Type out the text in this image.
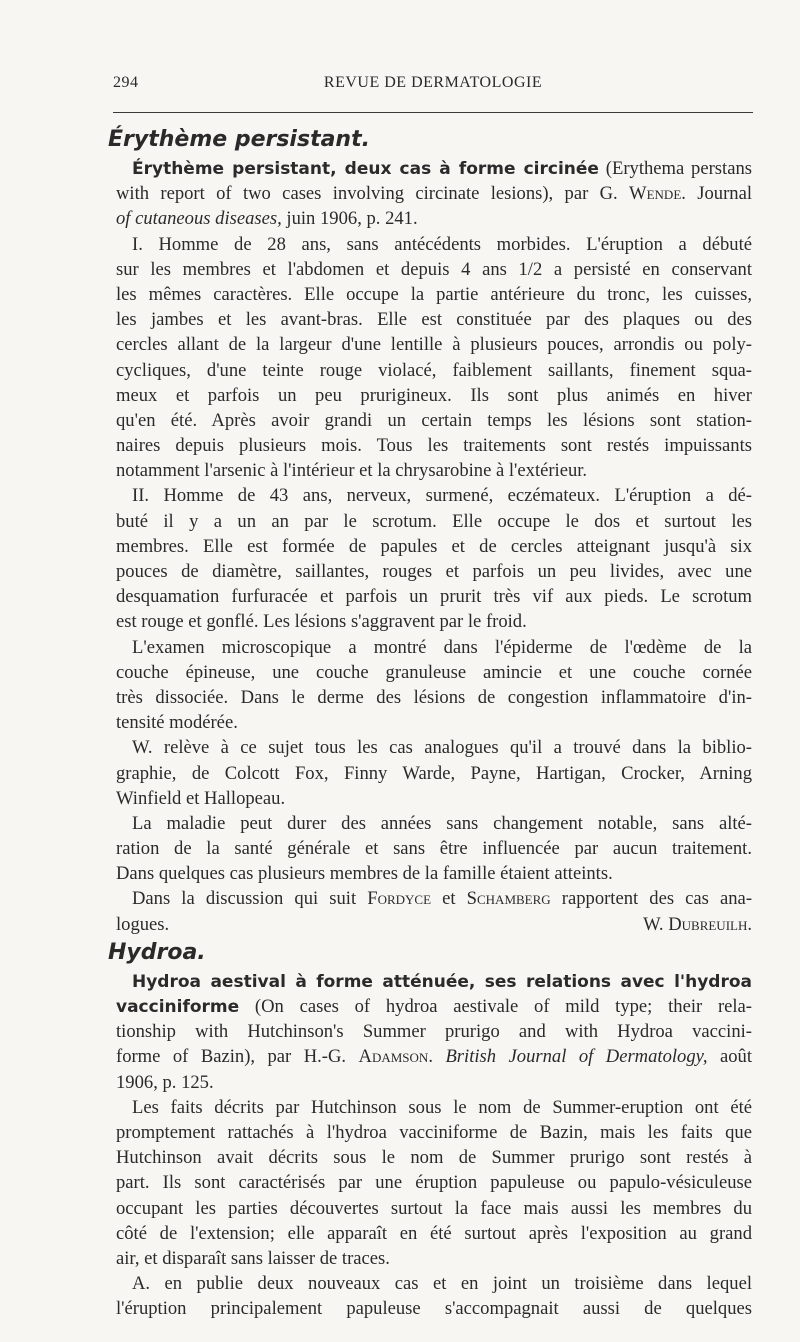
294	REVUE DE DERMATOLOGIE
Érythème persistant.
Érythème persistant, deux cas à forme circinée (Erythema perstans
with report of two cases involving circinate lesions), par G. Wende. Journal
of cutaneous diseases, juin 1906, p. 241.
I. Homme de 28 ans, sans antécédents morbides. L'éruption a débuté
sur les membres et l'abdomen et depuis 4 ans 1/2 a persisté en conservant
les mêmes caractères. Elle occupe la partie antérieure du tronc, les cuisses,
les jambes et les avant-bras. Elle est constituée par des plaques ou des
cercles allant de la largeur d'une lentille à plusieurs pouces, arrondis ou poly-
cycliques, d'une teinte rouge violacé, faiblement saillants, finement squa-
meux et parfois un peu prurigineux. Ils sont plus animés en hiver
qu'en été. Après avoir grandi un certain temps les lésions sont station-
naires depuis plusieurs mois. Tous les traitements sont restés impuissants
notamment l'arsenic à l'intérieur et la chrysarobine à l'extérieur.
II. Homme de 43 ans, nerveux, surmené, eczémateux. L'éruption a dé-
buté il y a un an par le scrotum. Elle occupe le dos et surtout les
membres. Elle est formée de papules et de cercles atteignant jusqu'à six
pouces de diamètre, saillantes, rouges et parfois un peu livides, avec une
desquamation furfuracée et parfois un prurit très vif aux pieds. Le scrotum
est rouge et gonflé. Les lésions s'aggravent par le froid.
L'examen microscopique a montré dans l'épiderme de l'œdème de la
couche épineuse, une couche granuleuse amincie et une couche cornée
très dissociée. Dans le derme des lésions de congestion inflammatoire d'in-
tensité modérée.
W. relève à ce sujet tous les cas analogues qu'il a trouvé dans la biblio-
graphie, de Colcott Fox, Finny Warde, Payne, Hartigan, Crocker, Arning
Winfield et Hallopeau.
La maladie peut durer des années sans changement notable, sans alté-
ration de la santé générale et sans être influencée par aucun traitement.
Dans quelques cas plusieurs membres de la famille étaient atteints.
Dans la discussion qui suit Fordyce et Schamberg rapportent des cas ana-
logues.	W. Dubreuilh.
Hydroa.
Hydroa aestival à forme atténuée, ses relations avec l'hydroa
vacciniforme (On cases of hydroa aestivale of mild type; their rela-
tionship with Hutchinson's Summer prurigo and with Hydroa vaccini-
forme of Bazin), par H.-G. Adamson. British Journal of Dermatology, août
1906, p. 125.
Les faits décrits par Hutchinson sous le nom de Summer-eruption ont été
promptement rattachés à l'hydroa vacciniforme de Bazin, mais les faits que
Hutchinson avait décrits sous le nom de Summer prurigo sont restés à
part. Ils sont caractérisés par une éruption papuleuse ou papulo-vésiculeuse
occupant les parties découvertes surtout la face mais aussi les membres du
côté de l'extension; elle apparaît en été surtout après l'exposition au grand
air, et disparaît sans laisser de traces.
A. en publie deux nouveaux cas et en joint un troisième dans lequel
l'éruption principalement papuleuse s'accompagnait aussi de quelques
